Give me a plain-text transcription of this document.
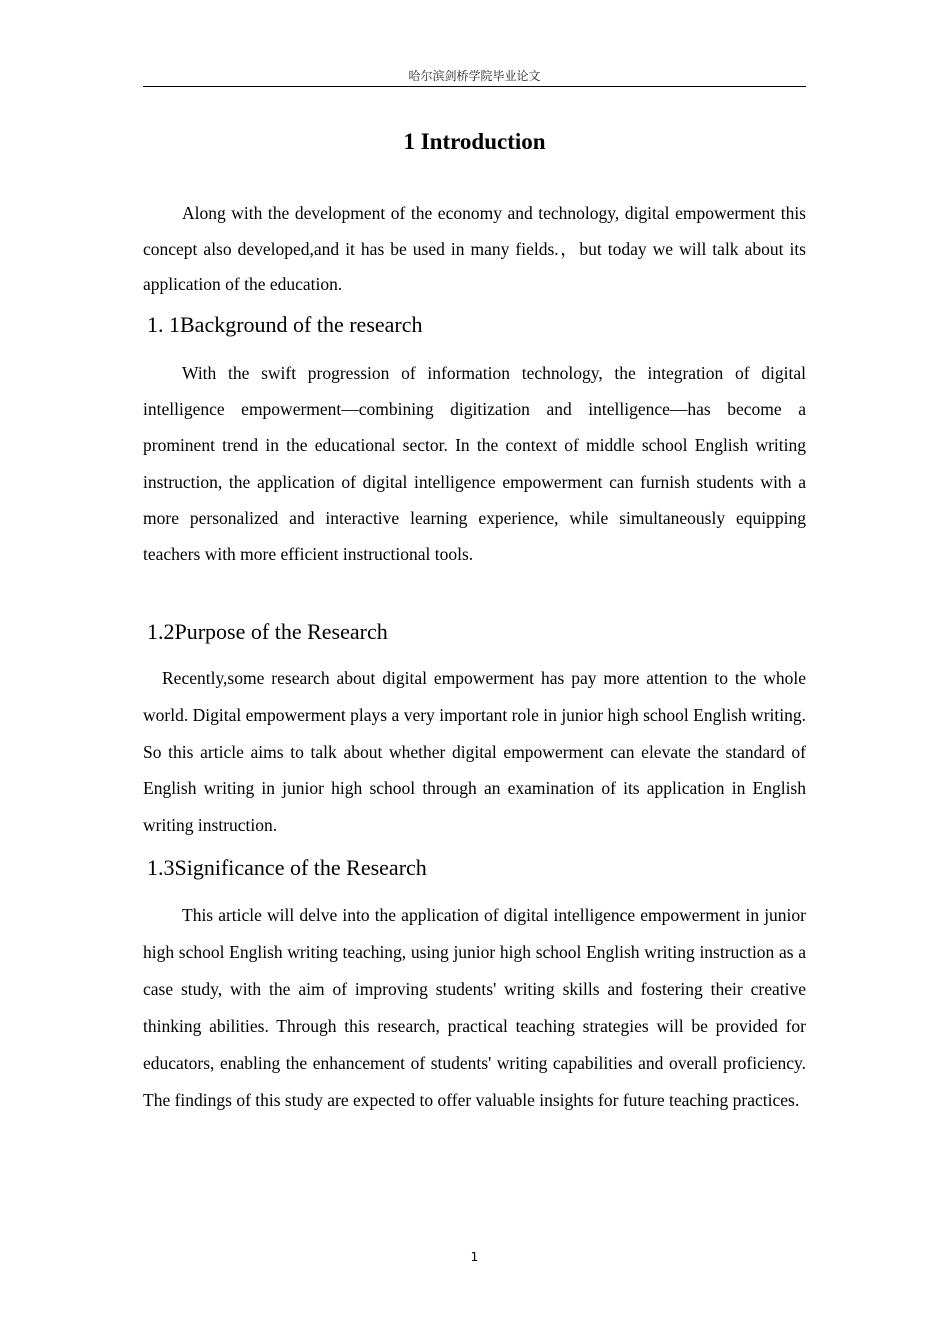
哈尔滨剑桥学院毕业论文
1 Introduction

Along with the development of the economy and technology, digital empowerment this concept also developed,and it has be used in many fields.，but today we will talk about its application of the education.

1. 1Background of the research

With the swift progression of information technology, the integration of digital intelligence empowerment—combining digitization and intelligence—has become a prominent trend in the educational sector. In the context of middle school English writing instruction, the application of digital intelligence empowerment can furnish students with a more personalized and interactive learning experience, while simultaneously equipping teachers with more efficient instructional tools.

1.2Purpose of the Research

Recently,some research about digital empowerment has pay more attention to the whole world. Digital empowerment plays a very important role in junior high school English writing. So this article aims to talk about whether digital empowerment can elevate the standard of English writing in junior high school through an examination of its application in English writing instruction.

1.3Significance of the Research

This article will delve into the application of digital intelligence empowerment in junior high school English writing teaching, using junior high school English writing instruction as a case study, with the aim of improving students' writing skills and fostering their creative thinking abilities. Through this research, practical teaching strategies will be provided for educators, enabling the enhancement of students' writing capabilities and overall proficiency. The findings of this study are expected to offer valuable insights for future teaching practices.

1
